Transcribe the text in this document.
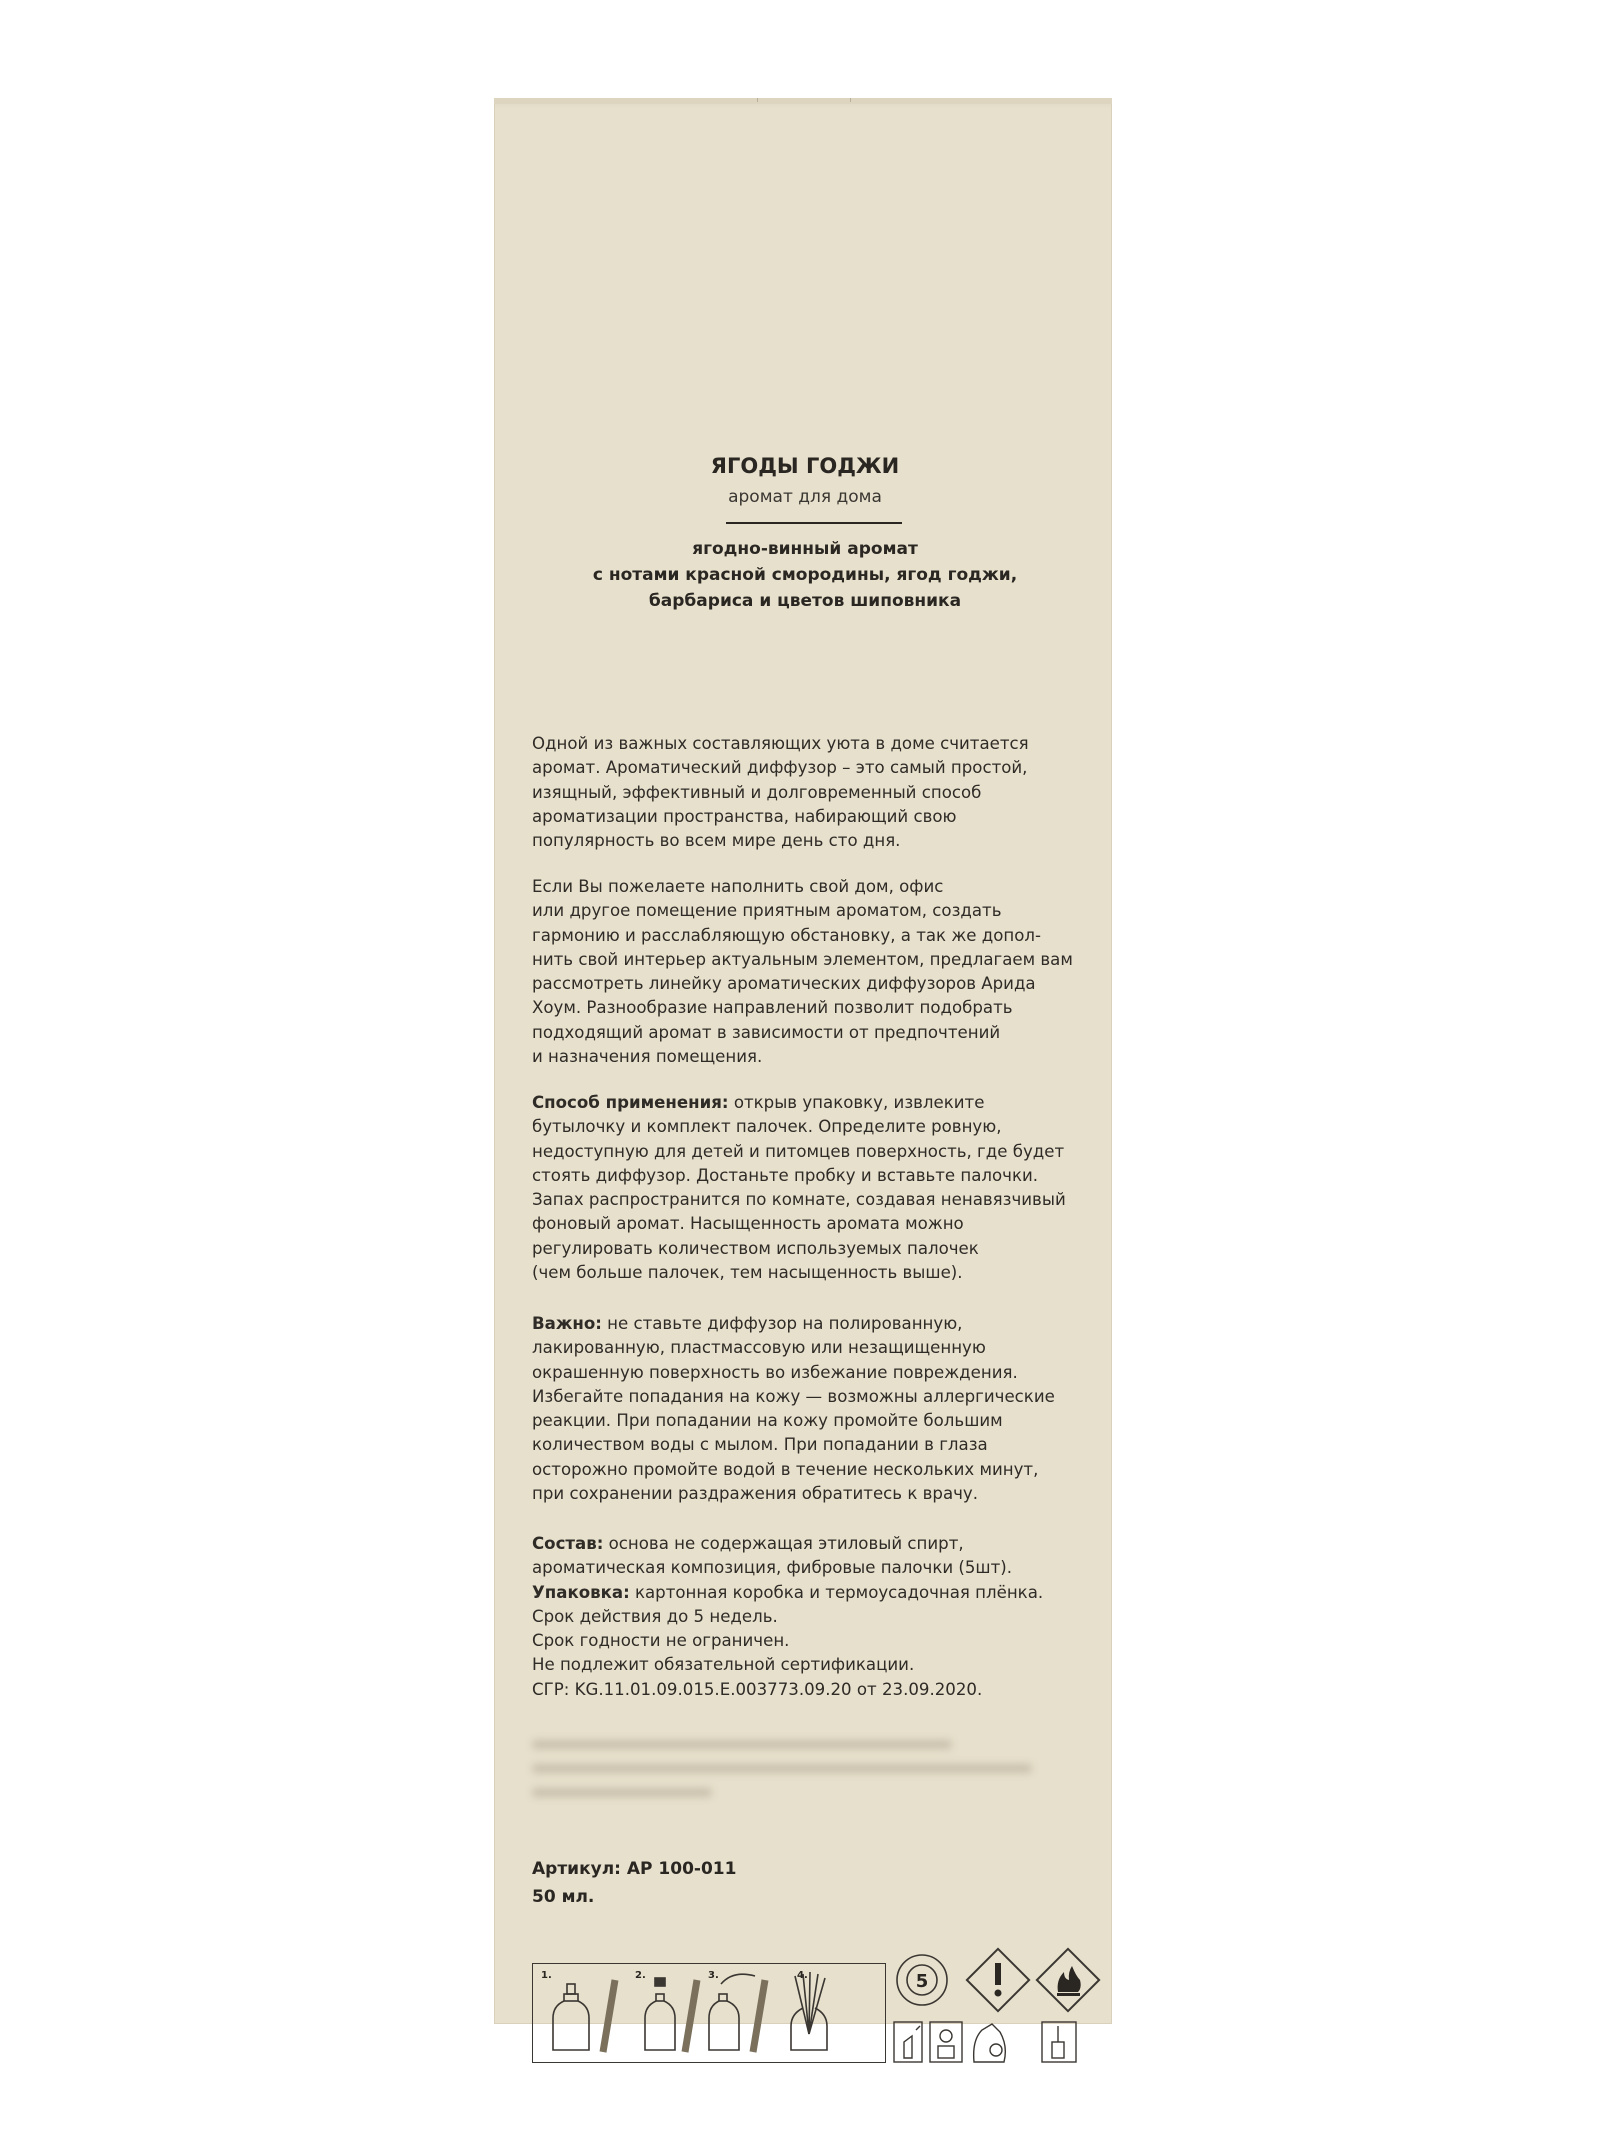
ЯГОДЫ ГОДЖИ
аромат для дома
ягодно-винный аромат
с нотами красной смородины, ягод годжи,
барбариса и цветов шиповника
Одной из важных составляющих уюта в доме считается
аромат. Ароматический диффузор – это самый простой,
изящный, эффективный и долговременный способ
ароматизации пространства, набирающий свою
популярность во всем мире день сто дня.
Если Вы пожелаете наполнить свой дом, офис
или другое помещение приятным ароматом, создать
гармонию и расслабляющую обстановку, а так же допол-
нить свой интерьер актуальным элементом, предлагаем вам
рассмотреть линейку ароматических диффузоров Арида
Хоум. Разнообразие направлений позволит подобрать
подходящий аромат в зависимости от предпочтений
и назначения помещения.
Способ применения: открыв упаковку, извлеките
бутылочку и комплект палочек. Определите ровную,
недоступную для детей и питомцев поверхность, где будет
стоять диффузор. Достаньте пробку и вставьте палочки.
Запах распространится по комнате, создавая ненавязчивый
фоновый аромат. Насыщенность аромата можно
регулировать количеством используемых палочек
(чем больше палочек, тем насыщенность выше).
Важно: не ставьте диффузор на полированную,
лакированную, пластмассовую или незащищенную
окрашенную поверхность во избежание повреждения.
Избегайте попадания на кожу — возможны аллергические
реакции. При попадании на кожу промойте большим
количеством воды с мылом. При попадании в глаза
осторожно промойте водой в течение нескольких минут,
при сохранении раздражения обратитесь к врачу.
Состав: основа не содержащая этиловый спирт,
ароматическая композиция, фибровые палочки (5шт).
Упаковка: картонная коробка и термоусадочная плёнка.
Срок действия до 5 недель.
Срок годности не ограничен.
Не подлежит обязательной сертификации.
СГР: KG.11.01.09.015.Е.003773.09.20 от 23.09.2020.
Артикул: АР 100-011
50 мл.
1.	2.	3.	4.	5
